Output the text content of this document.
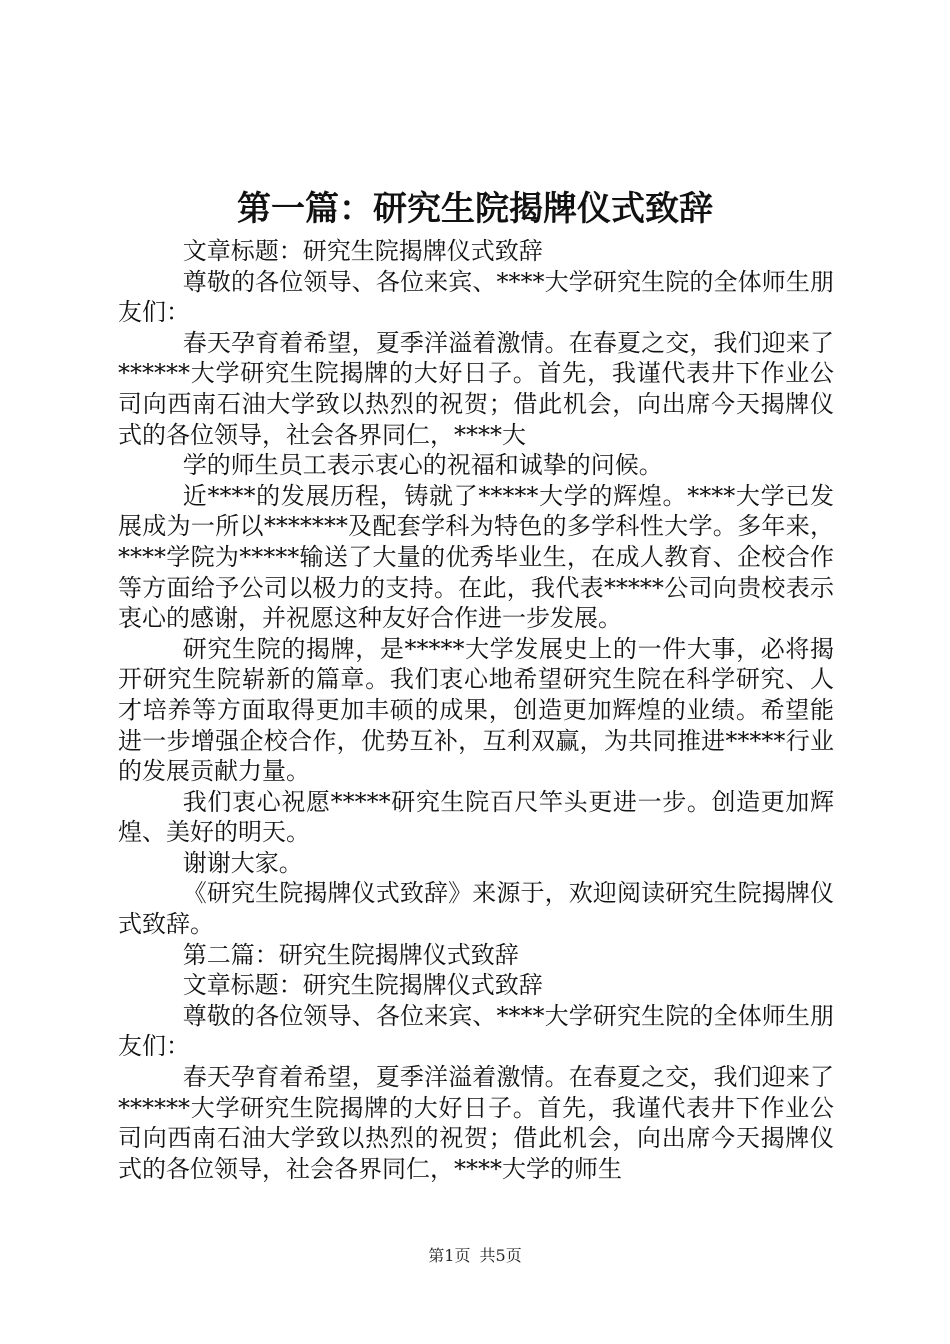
第一篇：研究生院揭牌仪式致辞

文章标题：研究生院揭牌仪式致辞

尊敬的各位领导、各位来宾、****大学研究生院的全体师生朋友们：

春天孕育着希望，夏季洋溢着激情。在春夏之交，我们迎来了******大学研究生院揭牌的大好日子。首先，我谨代表井下作业公司向西南石油大学致以热烈的祝贺；借此机会，向出席今天揭牌仪式的各位领导，社会各界同仁，****大

学的师生员工表示衷心的祝福和诚挚的问候。

近****的发展历程，铸就了*****大学的辉煌。****大学已发展成为一所以*******及配套学科为特色的多学科性大学。多年来，****学院为*****输送了大量的优秀毕业生，在成人教育、企校合作等方面给予公司以极力的支持。在此，我代表*****公司向贵校表示衷心的感谢，并祝愿这种友好合作进一步发展。

研究生院的揭牌，是*****大学发展史上的一件大事，必将揭开研究生院崭新的篇章。我们衷心地希望研究生院在科学研究、人才培养等方面取得更加丰硕的成果，创造更加辉煌的业绩。希望能进一步增强企校合作，优势互补，互利双赢，为共同推进*****行业的发展贡献力量。

我们衷心祝愿*****研究生院百尺竿头更进一步。创造更加辉煌、美好的明天。

谢谢大家。

《研究生院揭牌仪式致辞》来源于，欢迎阅读研究生院揭牌仪式致辞。

第二篇：研究生院揭牌仪式致辞

文章标题：研究生院揭牌仪式致辞

尊敬的各位领导、各位来宾、****大学研究生院的全体师生朋友们：

春天孕育着希望，夏季洋溢着激情。在春夏之交，我们迎来了******大学研究生院揭牌的大好日子。首先，我谨代表井下作业公司向西南石油大学致以热烈的祝贺；借此机会，向出席今天揭牌仪式的各位领导，社会各界同仁，****大学的师生

第1页 共5页
